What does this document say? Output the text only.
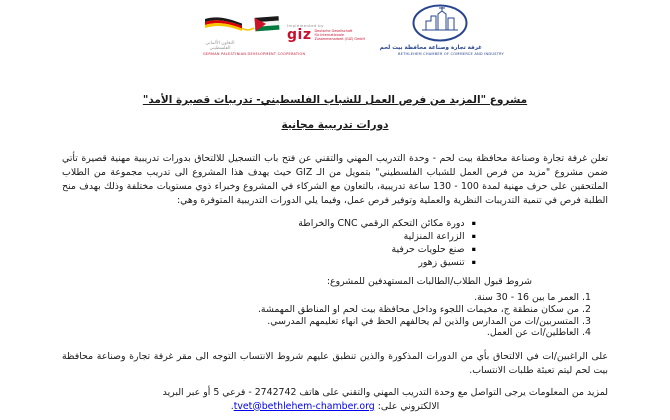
التعاون الألماني الفلسطيني
GERMAN PALESTINIAN DEVELOPMENT COOPERATION
Implemented by
giz Deutsche Gesellschaft
für Internationale
Zusammenarbeit (GIZ) GmbH
غرفة تجارة وصناعة محافظة بيت لحم
BETHLEHEM CHAMBER OF COMMERCE AND INDUSTRY
مشروع "المزيد من فرص العمل للشباب الفلسطيني- تدريبات قصيرة الأمد"
دورات تدريبية مجانية
تعلن غرفة تجارة وصناعة محافظة بيت لحم - وحدة التدريب المهني والتقني عن فتح باب التسجيل للالتحاق بدورات تدريبية مهنية قصيرة تأتي ضمن مشروع "مزيد من فرص العمل للشباب الفلسطيني" بتمويل من الـ GIZ حيث يهدف هذا المشروع الى تدريب مجموعة من الطلاب الملتحقين على حرف مهنية لمدة 100 - 130 ساعة تدريبية، بالتعاون مع الشركاء في المشروع وخبراء ذوي مستويات مختلفة وذلك بهدف منح الطلبة فرص في تنمية التدريبات النظرية والعملية وتوفير فرص عمل، وفيما يلي الدورات التدريبية المتوفرة وهي:
▪دورة مكائن التحكم الرقمي CNC والخراطة
▪الزراعة المنزلية
▪صنع حلويات حرفية
▪تنسيق زهور
شروط قبول الطلاب/الطالبات المستهدفين للمشروع:
1. العمر ما بين 16 - 30 سنة.
2. من سكان منطقة ج، مخيمات اللجوء وداخل محافظة بيت لحم او المناطق المهمشة.
3. المتسربين/ات من المدارس والذين لم يحالفهم الحظ في انهاء تعليمهم المدرسي.
4. العاطلين/ات عن العمل.
على الراغبين/ات في الالتحاق بأي من الدورات المذكورة والذين تنطبق عليهم شروط الانتساب التوجه الى مقر غرفة تجارة وصناعة محافظة بيت لحم ليتم تعبئة طلبات الانتساب.
لمزيد من المعلومات يرجى التواصل مع وحدة التدريب المهني والتقني على هاتف 2742742 - فرعي 5 أو عبر البريد
الالكتروني على: tvet@bethlehem-chamber.org.
